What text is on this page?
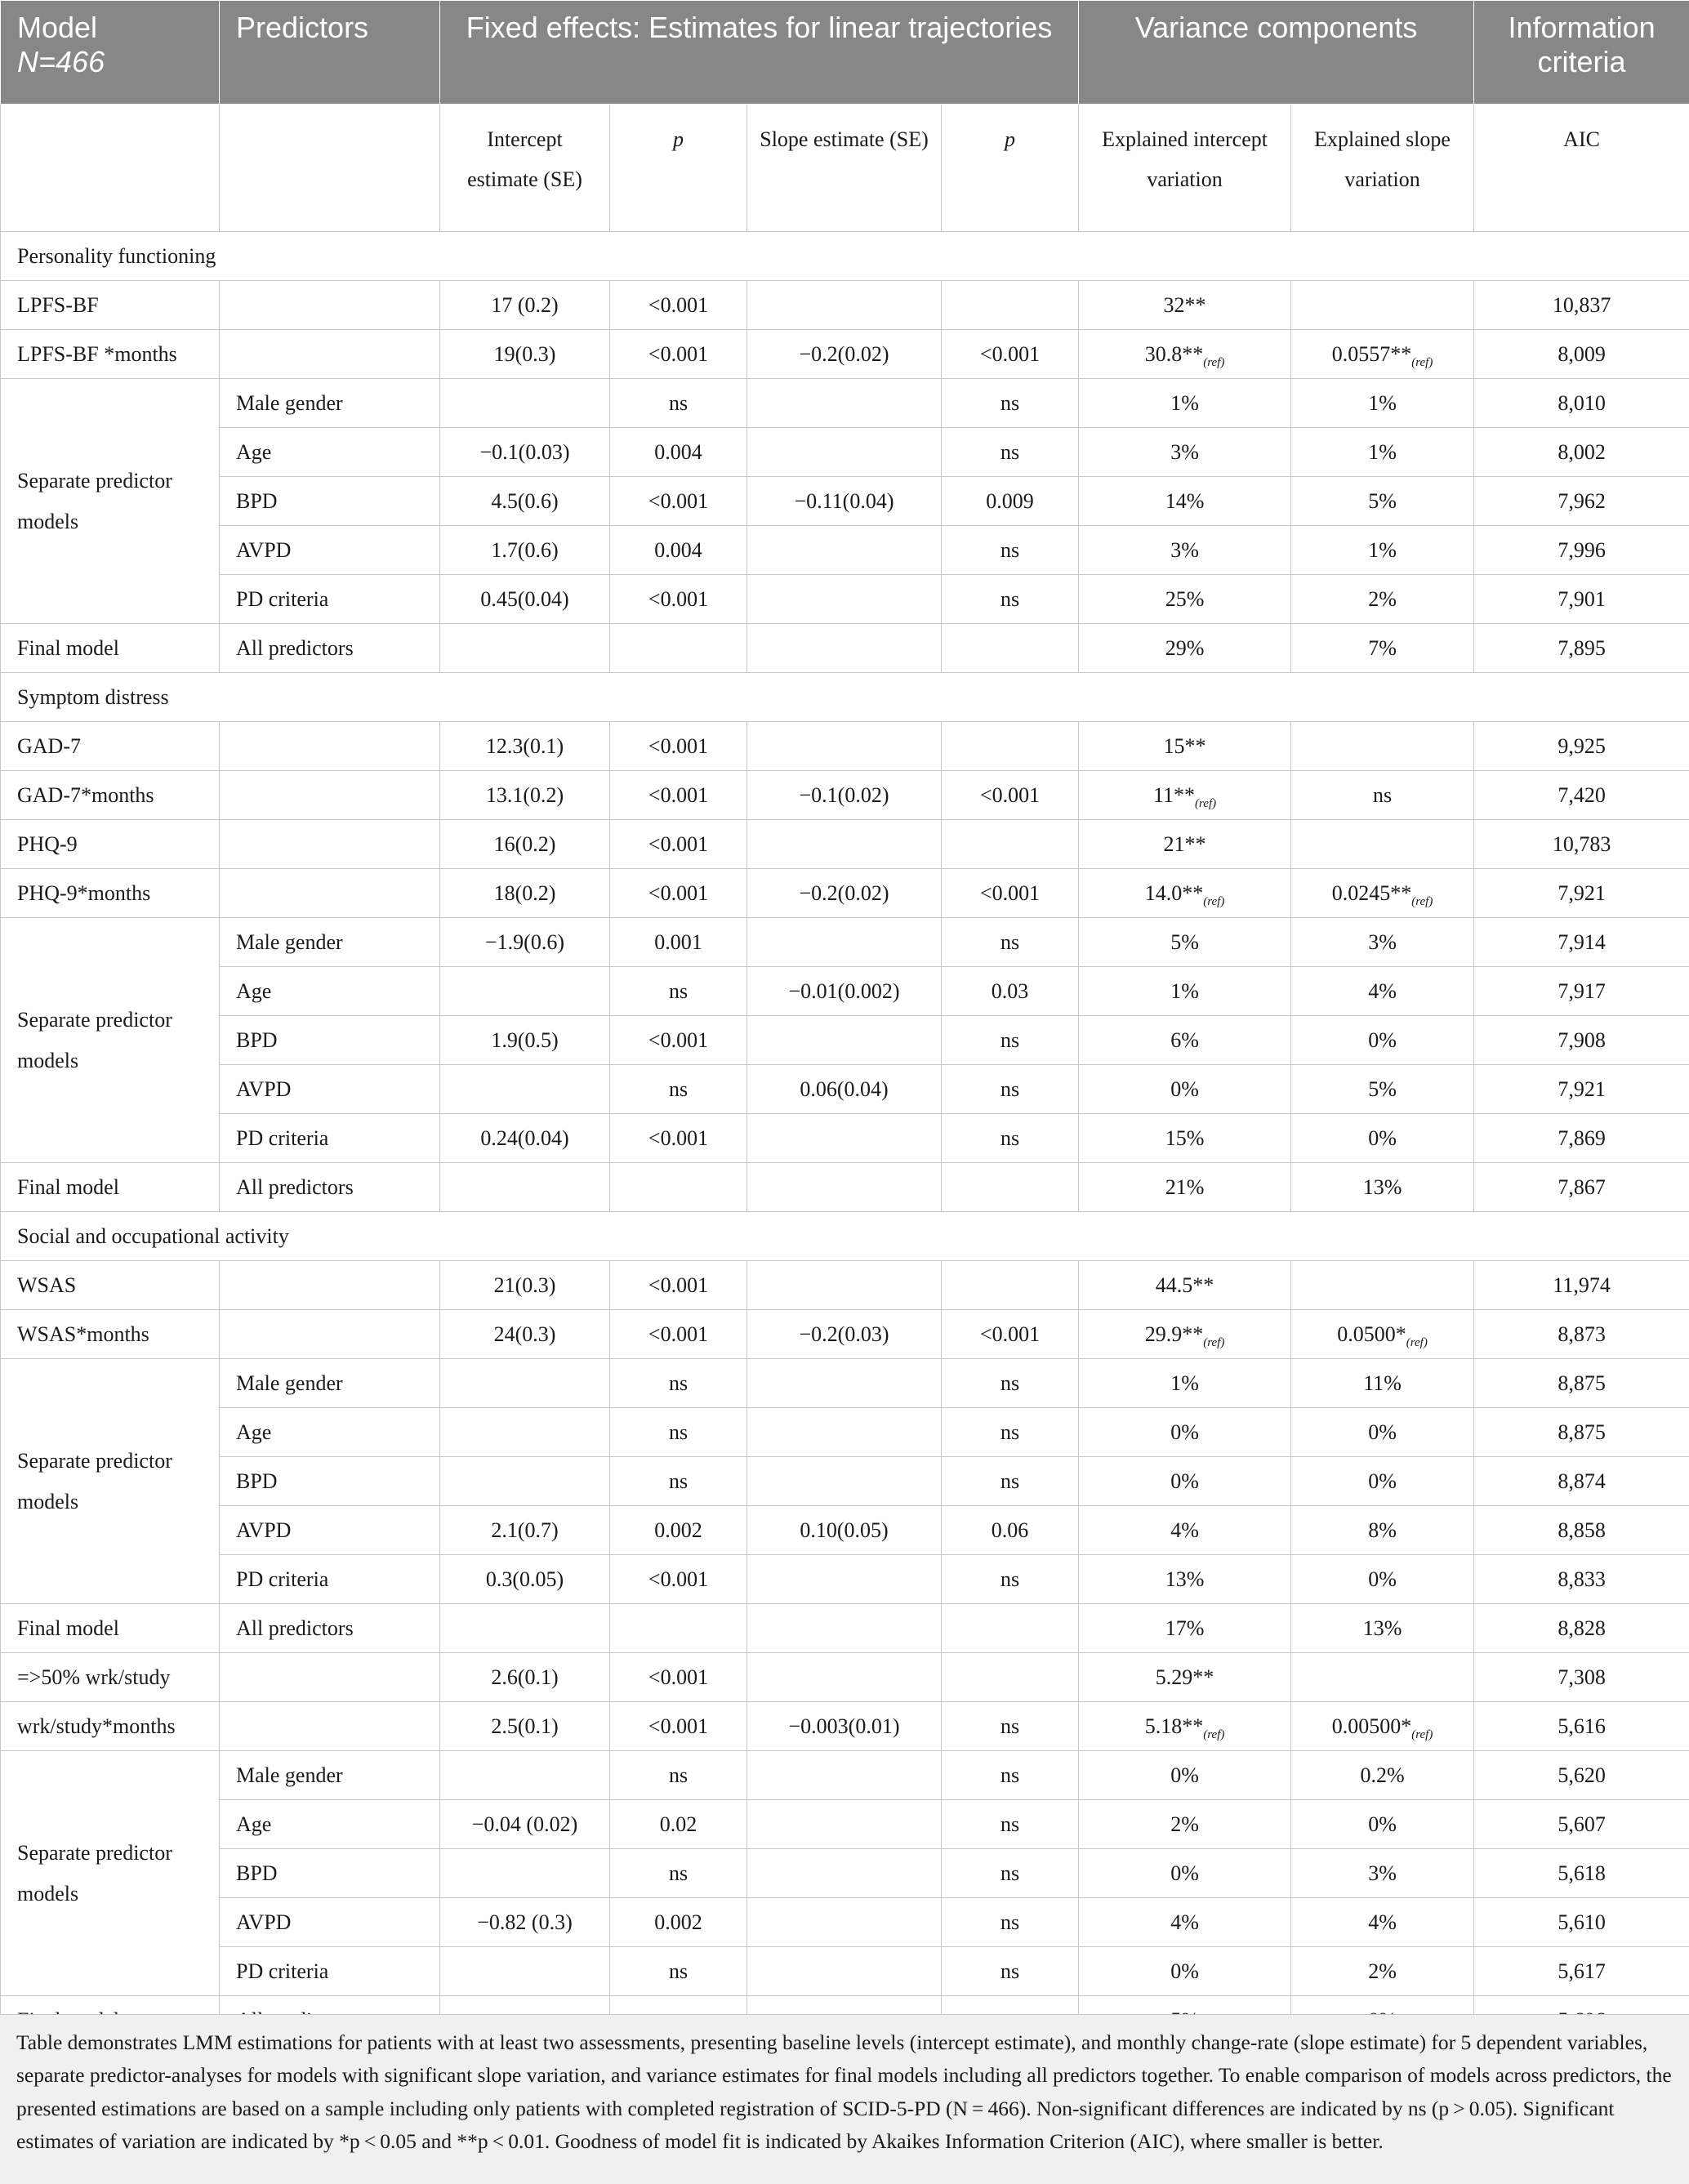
Model
N=466	Predictors	Fixed effects: Estimates for linear trajectories				Variance components		Information criteria
		Intercept estimate (SE)	p	Slope estimate (SE)	p	Explained intercept variation	Explained slope variation	AIC
Personality functioning								
LPFS-BF		17 (0.2)	<0.001			32**		10,837
LPFS-BF *months		19(0.3)	<0.001	−0.2(0.02)	<0.001	$30.8**_{(ref)}$	$0.0557**_{(ref)}$	8,009
Separate predictor models	Male gender		ns		ns	1%	1%	8,010
	Age	−0.1(0.03)	0.004		ns	3%	1%	8,002
	BPD	4.5(0.6)	<0.001	−0.11(0.04)	0.009	14%	5%	7,962
	AVPD	1.7(0.6)	0.004		ns	3%	1%	7,996
	PD criteria	0.45(0.04)	<0.001		ns	25%	2%	7,901
Final model	All predictors					29%	7%	7,895
Symptom distress								
GAD-7		12.3(0.1)	<0.001			15**		9,925
GAD-7*months		13.1(0.2)	<0.001	−0.1(0.02)	<0.001	$11**_{(ref)}$	ns	7,420
PHQ-9		16(0.2)	<0.001			21**		10,783
PHQ-9*months		18(0.2)	<0.001	−0.2(0.02)	<0.001	$14.0**_{(ref)}$	$0.0245**_{(ref)}$	7,921
Separate predictor models	Male gender	−1.9(0.6)	0.001		ns	5%	3%	7,914
	Age		ns	−0.01(0.002)	0.03	1%	4%	7,917
	BPD	1.9(0.5)	<0.001		ns	6%	0%	7,908
	AVPD		ns	0.06(0.04)	ns	0%	5%	7,921
	PD criteria	0.24(0.04)	<0.001		ns	15%	0%	7,869
Final model	All predictors					21%	13%	7,867
Social and occupational activity								
WSAS		21(0.3)	<0.001			44.5**		11,974
WSAS*months		24(0.3)	<0.001	−0.2(0.03)	<0.001	$29.9**_{(ref)}$	$0.0500*_{(ref)}$	8,873
Separate predictor models	Male gender		ns		ns	1%	11%	8,875
	Age		ns		ns	0%	0%	8,875
	BPD		ns		ns	0%	0%	8,874
	AVPD	2.1(0.7)	0.002	0.10(0.05)	0.06	4%	8%	8,858
	PD criteria	0.3(0.05)	<0.001		ns	13%	0%	8,833
Final model	All predictors					17%	13%	8,828
=>50% wrk/study		2.6(0.1)	<0.001			5.29**		7,308
wrk/study*months		2.5(0.1)	<0.001	−0.003(0.01)	ns	$5.18**_{(ref)}$	$0.00500*_{(ref)}$	5,616
Separate predictor models	Male gender		ns		ns	0%	0.2%	5,620
	Age	−0.04 (0.02)	0.02		ns	2%	0%	5,607
	BPD		ns		ns	0%	3%	5,618
	AVPD	−0.82 (0.3)	0.002		ns	4%	4%	5,610
	PD criteria		ns		ns	0%	2%	5,617

Table demonstrates LMM estimations for patients with at least two assessments, presenting baseline levels (intercept estimate), and monthly change-rate (slope estimate) for 5 dependent variables, separate predictor-analyses for models with significant slope variation, and variance estimates for final models including all predictors together. To enable comparison of models across predictors, the presented estimations are based on a sample including only patients with completed registration of SCID-5-PD (N = 466). Non-significant differences are indicated by ns (p > 0.05). Significant estimates of variation are indicated by *p < 0.05 and **p < 0.01. Goodness of model fit is indicated by Akaikes Information Criterion (AIC), where smaller is better.
